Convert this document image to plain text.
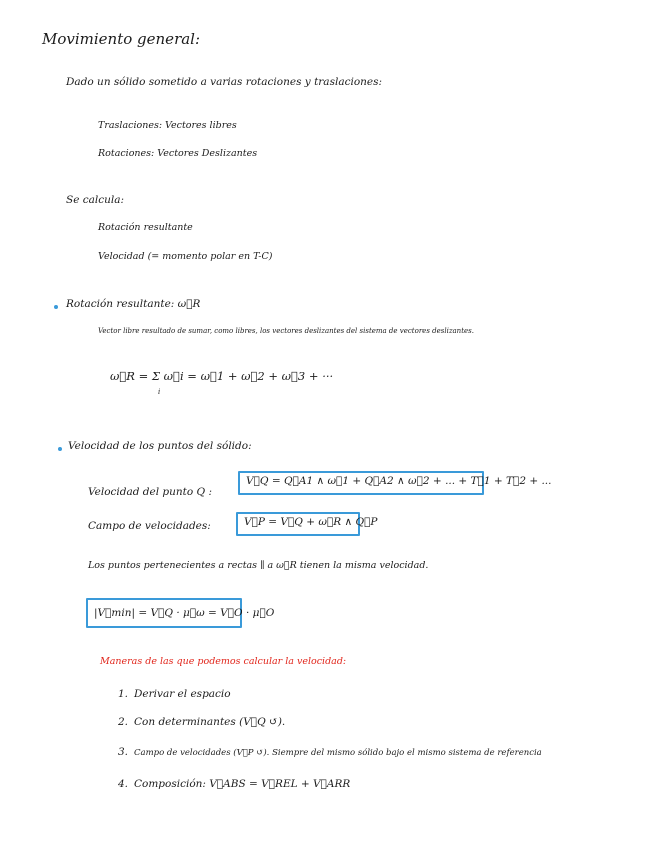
Movimiento general:
Dado un sólido sometido a varias rotaciones y traslaciones:
Traslaciones: Vectores libres
Rotaciones: Vectores Deslizantes
Se calcula:
Rotación resultante
Velocidad (= momento polar en T-C)
Rotación resultante: ω⃗R
Vector libre resultado de sumar, como libres, los vectores deslizantes del sistema de vectores deslizantes.
ω⃗R = Σ ω⃗i = ω⃗1 + ω⃗2 + ω⃗3 + ···
i
Velocidad de los puntos del sólido:
Velocidad del punto Q :
V⃗Q = Q⃗A1 ∧ ω⃗1 + Q⃗A2 ∧ ω⃗2 + ... + T⃗1 + T⃗2 + ...
Campo de velocidades:	V⃗P = V⃗Q + ω⃗R ∧ Q⃗P
Los puntos pertenecientes a rectas ∥ a ω⃗R tienen la misma velocidad.
|V⃗min| = V⃗Q · μ⃗ω = V⃗O · μ⃗O
Maneras de las que podemos calcular la velocidad:
1. Derivar el espacio
2. Con determinantes (V⃗Q ↺).
3. Campo de velocidades (V⃗P ↺). Siempre del mismo sólido bajo el mismo sistema de referencia
4. Composición: V⃗ABS = V⃗REL + V⃗ARR
